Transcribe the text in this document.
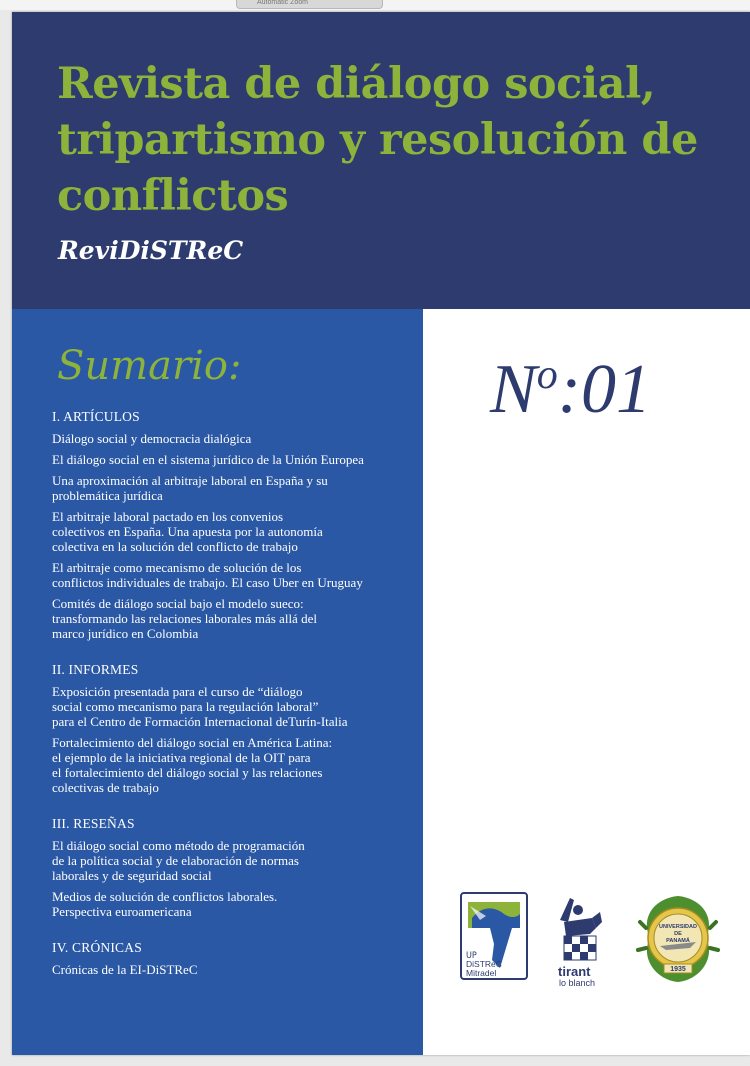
Automatic Zoom
Revista de diálogo social, tripartismo y resolución de conflictos
ReviDiSTReC
Sumario:
I. ARTÍCULOS
Diálogo social y democracia dialógica
El diálogo social en el sistema jurídico de la Unión Europea
Una aproximación al arbitraje laboral en España y su
problemática jurídica
El arbitraje laboral pactado en los convenios
colectivos en España. Una apuesta por la autonomía
colectiva en la solución del conflicto de trabajo
El arbitraje como mecanismo de solución de los
conflictos individuales de trabajo. El caso Uber en Uruguay
Comités de diálogo social bajo el modelo sueco:
transformando las relaciones laborales más allá del
marco jurídico en Colombia
II. INFORMES
Exposición presentada para el curso de “diálogo
social como mecanismo para la regulación laboral”
para el Centro de Formación Internacional deTurín-Italia
Fortalecimiento del diálogo social en América Latina:
el ejemplo de la iniciativa regional de la OIT para
el fortalecimiento del diálogo social y las relaciones
colectivas de trabajo
III. RESEÑAS
El diálogo social como método de programación
de la política social y de elaboración de normas
laborales y de seguridad social
Medios de solución de conflictos laborales.
Perspectiva euroamericana
IV. CRÓNICAS
Crónicas de la EI-DiSTReC
$N^o:01$
UP
DiSTReC
Mitradel	tirant
lo blanch
UNIVERSIDAD
DE
PANAMÁ
1935
